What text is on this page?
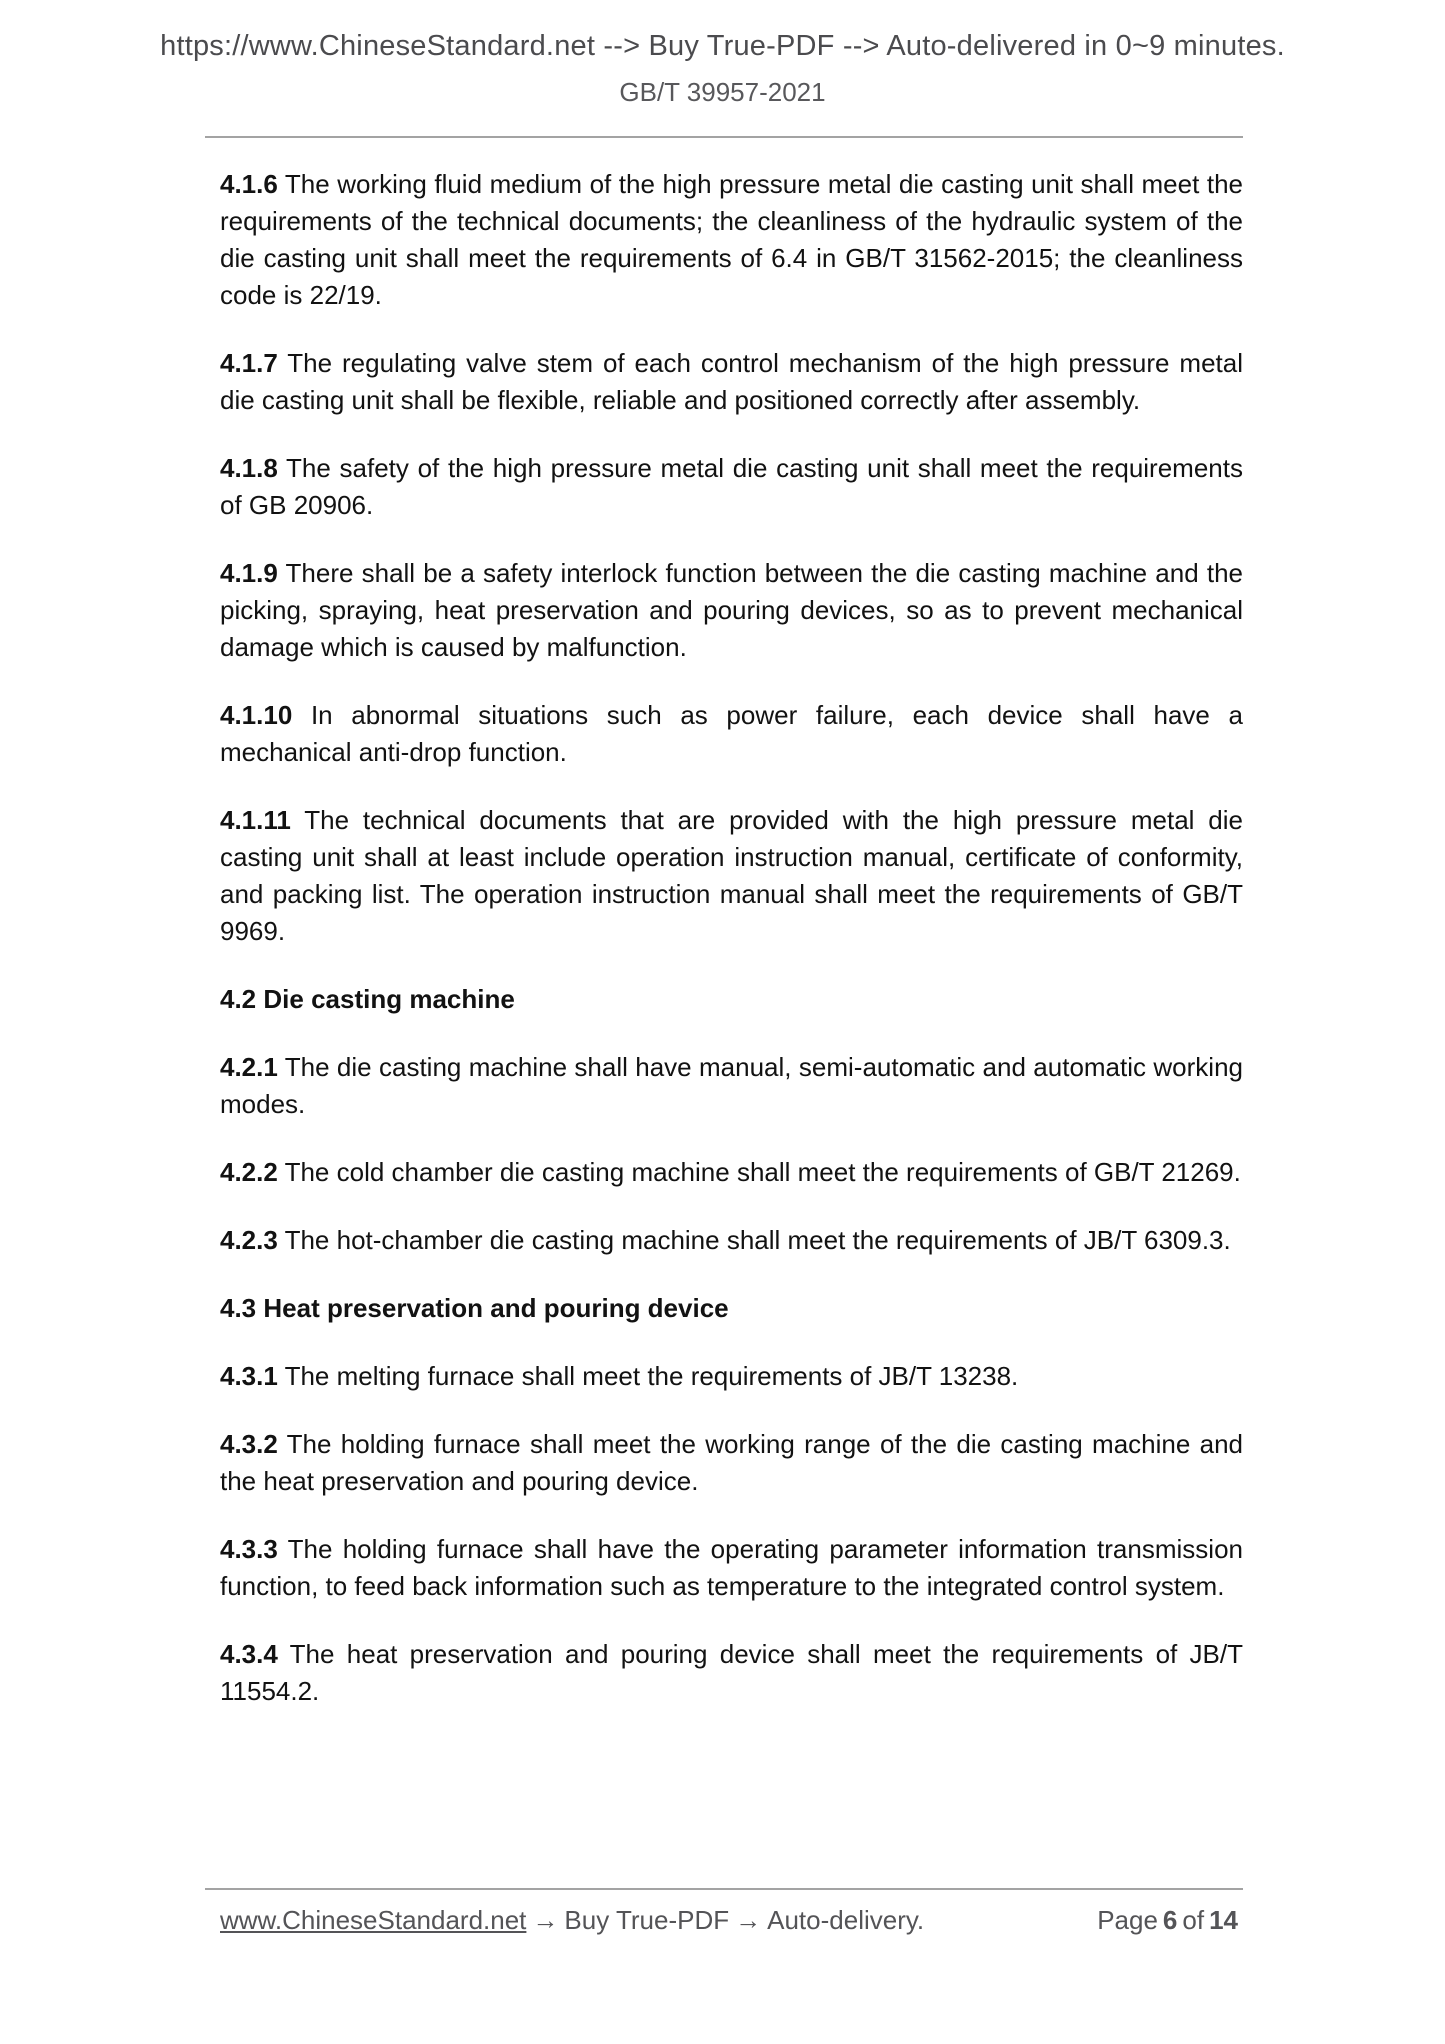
https://www.ChineseStandard.net --> Buy True-PDF --> Auto-delivered in 0~9 minutes.
GB/T 39957-2021

4.1.6 The working fluid medium of the high pressure metal die casting unit shall meet the requirements of the technical documents; the cleanliness of the hydraulic system of the die casting unit shall meet the requirements of 6.4 in GB/T 31562-2015; the cleanliness code is 22/19.

4.1.7 The regulating valve stem of each control mechanism of the high pressure metal die casting unit shall be flexible, reliable and positioned correctly after assembly.

4.1.8 The safety of the high pressure metal die casting unit shall meet the requirements of GB 20906.

4.1.9 There shall be a safety interlock function between the die casting machine and the picking, spraying, heat preservation and pouring devices, so as to prevent mechanical damage which is caused by malfunction.

4.1.10 In abnormal situations such as power failure, each device shall have a mechanical anti-drop function.

4.1.11 The technical documents that are provided with the high pressure metal die casting unit shall at least include operation instruction manual, certificate of conformity, and packing list. The operation instruction manual shall meet the requirements of GB/T 9969.

4.2 Die casting machine

4.2.1 The die casting machine shall have manual, semi-automatic and automatic working modes.

4.2.2 The cold chamber die casting machine shall meet the requirements of GB/T 21269.

4.2.3 The hot-chamber die casting machine shall meet the requirements of JB/T 6309.3.

4.3 Heat preservation and pouring device

4.3.1 The melting furnace shall meet the requirements of JB/T 13238.

4.3.2 The holding furnace shall meet the working range of the die casting machine and the heat preservation and pouring device.

4.3.3 The holding furnace shall have the operating parameter information transmission function, to feed back information such as temperature to the integrated control system.

4.3.4 The heat preservation and pouring device shall meet the requirements of JB/T 11554.2.

www.ChineseStandard.net → Buy True-PDF → Auto-delivery.	Page 6 of 14
